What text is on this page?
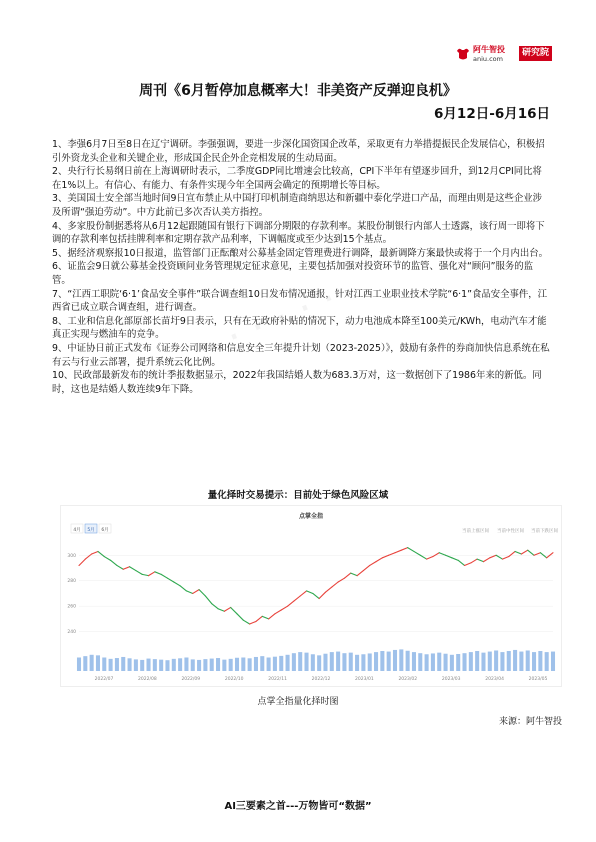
阿牛智投
aniu.com
研究院
周刊《6月暂停加息概率大！非美资产反弹迎良机》
6月12日-6月16日

1、李强6月7日至8日在辽宁调研。李强强调，要进一步深化国资国企改革，采取更有力举措提振民企发展信心，积极招引外资龙头企业和关键企业，形成国企民企外企竞相发展的生动局面。

2、央行行长易纲日前在上海调研时表示，二季度GDP同比增速会比较高，CPI下半年有望逐步回升，到12月CPI同比将在1%以上。有信心、有能力、有条件实现今年全国两会确定的预期增长等目标。

3、美国国土安全部当地时间9日宣布禁止从中国打印机制造商纳思达和新疆中泰化学进口产品，而理由则是这些企业涉及所谓“强迫劳动”。中方此前已多次否认美方指控。

4、多家股份制据悉将从6月12起跟随国有银行下调部分期限的存款利率。某股份制银行内部人士透露，该行周一即将下调的存款利率包括挂牌利率和定期存款产品利率，下调幅度或至少达到15个基点。

5、据经济观察报10日报道，监管部门正酝酿对公募基金固定管理费进行调降，最新调降方案最快或将于一个月内出台。

6、证监会9日就公募基金投资顾问业务管理规定征求意见，主要包括加强对投资环节的监管、强化对“顾问”服务的监管。

7、“江西工职院‘6·1’食品安全事件”联合调查组10日发布情况通报，针对江西工业职业技术学院“6·1”食品安全事件，江西省已成立联合调查组，进行调查。

8、工业和信息化部原部长苗圩9日表示，只有在无政府补贴的情况下，动力电池成本降至100美元/KWh，电动汽车才能真正实现与燃油车的竞争。

9、中证协日前正式发布《证券公司网络和信息安全三年提升计划（2023-2025）》，鼓励有条件的券商加快信息系统在私有云与行业云部署，提升系统云化比例。

10、民政部最新发布的统计季报数据显示，2022年我国结婚人数为683.3万对，这一数据创下了1986年来的新低。同时，这也是结婚人数连续9年下降。

· · · · · ·
量化择时交易提示：目前处于绿色风险区域
点掌全指
4月 5月 6月	当前上涨区间 当前中性区间 当前下跌区间
240
260
280
300
2022/07	2022/08	2022/09	2022/10	2022/11	2022/12	2023/01	2023/02	2023/03	2023/04	2023/05
点掌全指量化择时图
来源：阿牛智投
AI三要素之首---万物皆可“数据”
